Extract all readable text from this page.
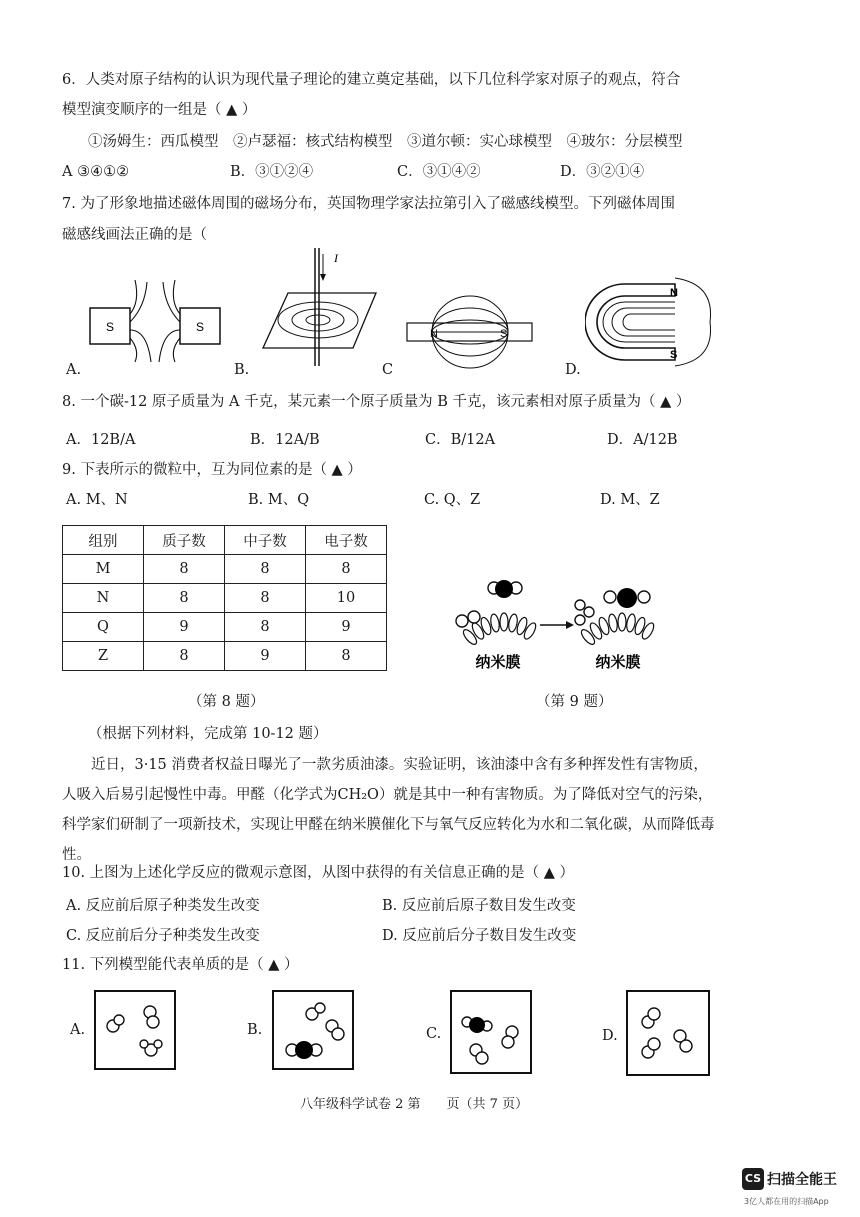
6．人类对原子结构的认识为现代量子理论的建立奠定基础，以下几位科学家对原子的观点，符合
模型演变顺序的一组是（ ▲ ）
①汤姆生：西瓜模型　②卢瑟福：核式结构模型　③道尔顿：实心球模型　④玻尔：分层模型
A ③④①②	B．③①②④	C．③①④②	D．③②①④
7. 为了形象地描述磁体周围的磁场分布，英国物理学家法拉第引入了磁感线模型。下列磁体周围
磁感线画法正确的是（
S	S
A.
I
B.
N	S
C
N
S
D.
8. 一个碳-12 原子质量为 A 千克，某元素一个原子质量为 B 千克，该元素相对原子质量为（ ▲ ）
A．12B/A	B．12A/B	C．B/12A	D．A/12B
9. 下表所示的微粒中，互为同位素的是（ ▲ ）
A. M、N	B. M、Q	C. Q、Z	D. M、Z
组别	质子数	中子数	电子数
M	8	8	8
N	8	8	10
Q	9	8	9
Z	8	9	8	纳米膜	纳米膜
（第 8 题）	（第 9 题）
（根据下列材料，完成第 10-12 题）
近日，3·15 消费者权益日曝光了一款劣质油漆。实验证明，该油漆中含有多种挥发性有害物质，人吸入后易引起慢性中毒。甲醛（化学式为CH₂O）就是其中一种有害物质。为了降低对空气的污染，科学家们研制了一项新技术，实现让甲醛在纳米膜催化下与氧气反应转化为水和二氧化碳，从而降低毒性。
10. 上图为上述化学反应的微观示意图，从图中获得的有关信息正确的是（ ▲ ）
A. 反应前后原子种类发生改变	B. 反应前后原子数目发生改变
C. 反应前后分子种类发生改变	D. 反应前后分子数目发生改变
11. 下列模型能代表单质的是（ ▲ ）
A.	B.	C.	D.
八年级科学试卷 2 第　　页（共 7 页）
CS 扫描全能王
3亿人都在用的扫描App
